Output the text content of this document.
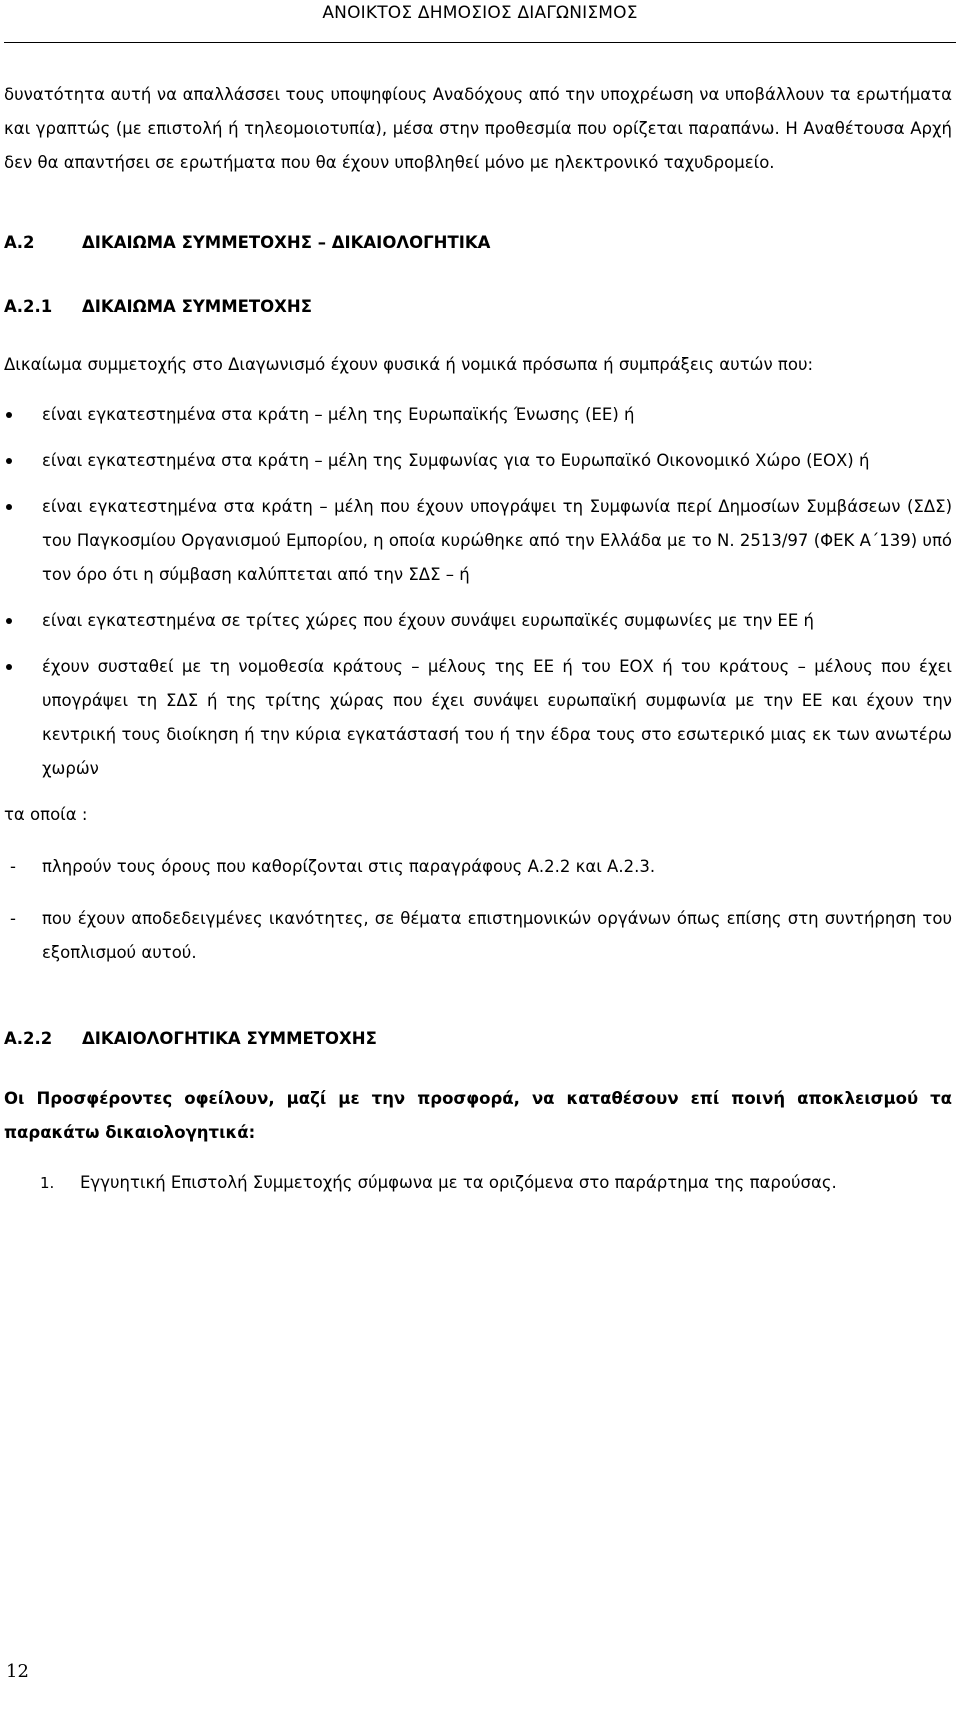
ΑΝΟΙΚΤΟΣ ΔΗΜΟΣΙΟΣ ΔΙΑΓΩΝΙΣΜΟΣ

δυνατότητα αυτή να απαλλάσσει τους υποψηφίους Αναδόχους από την υποχρέωση να υποβάλλουν τα ερωτήματα και γραπτώς (με επιστολή ή τηλεομοιοτυπία), μέσα στην προθεσμία που ορίζεται παραπάνω. Η Αναθέτουσα Αρχή δεν θα απαντήσει σε ερωτήματα που θα έχουν υποβληθεί μόνο με ηλεκτρονικό ταχυδρομείο.

Α.2	ΔΙΚΑΙΩΜΑ ΣΥΜΜΕΤΟΧΗΣ – ΔΙΚΑΙΟΛΟΓΗΤΙΚΑ
Α.2.1	ΔΙΚΑΙΩΜΑ ΣΥΜΜΕΤΟΧΗΣ

Δικαίωμα συμμετοχής στο Διαγωνισμό έχουν φυσικά ή νομικά πρόσωπα ή συμπράξεις αυτών που:

είναι εγκατεστημένα στα κράτη – μέλη της Ευρωπαϊκής Ένωσης (ΕΕ) ή
είναι εγκατεστημένα στα κράτη – μέλη της Συμφωνίας για το Ευρωπαϊκό Οικονομικό Χώρο (ΕΟΧ) ή
είναι εγκατεστημένα στα κράτη – μέλη που έχουν υπογράψει τη Συμφωνία περί Δημοσίων Συμβάσεων (ΣΔΣ) του Παγκοσμίου Οργανισμού Εμπορίου, η οποία κυρώθηκε από την Ελλάδα με το Ν. 2513/97 (ΦΕΚ Α΄139) υπό τον όρο ότι η σύμβαση καλύπτεται από την ΣΔΣ – ή
είναι εγκατεστημένα σε τρίτες χώρες που έχουν συνάψει ευρωπαϊκές συμφωνίες με την ΕΕ ή
έχουν συσταθεί με τη νομοθεσία κράτους – μέλους της ΕΕ ή του ΕΟΧ ή του κράτους – μέλους που έχει υπογράψει τη ΣΔΣ ή της τρίτης χώρας που έχει συνάψει ευρωπαϊκή συμφωνία με την ΕΕ και έχουν την κεντρική τους διοίκηση ή την κύρια εγκατάστασή του ή την έδρα τους στο εσωτερικό μιας εκ των ανωτέρω χωρών

τα οποία :

- πληρούν τους όρους που καθορίζονται στις παραγράφους Α.2.2 και Α.2.3.
- που έχουν αποδεδειγμένες ικανότητες, σε θέματα επιστημονικών οργάνων όπως επίσης στη συντήρηση του εξοπλισμού αυτού.
Α.2.2	ΔΙΚΑΙΟΛΟΓΗΤΙΚΑ ΣΥΜΜΕΤΟΧΗΣ

Οι Προσφέροντες οφείλουν, μαζί με την προσφορά, να καταθέσουν επί ποινή αποκλεισμού τα παρακάτω δικαιολογητικά:

1. Εγγυητική Επιστολή Συμμετοχής σύμφωνα με τα οριζόμενα στο παράρτημα της παρούσας.
12
